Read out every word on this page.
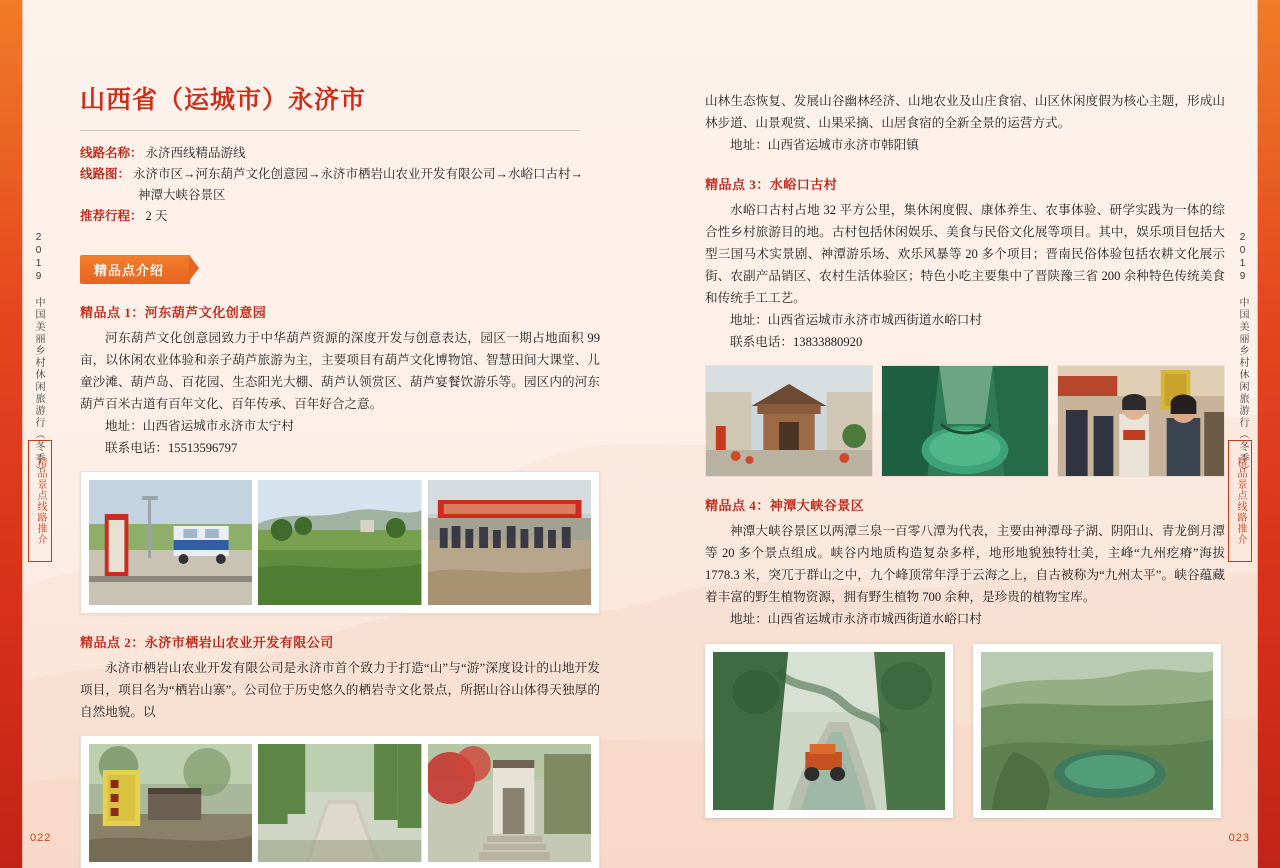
2019 中国美丽乡村休闲旅游行（冬季）	2019 中国美丽乡村休闲旅游行（冬季）
精品景点线路推介	精品景点线路推介
022	023
山西省（运城市）永济市
线路名称： 永济西线精品游线
线路图： 永济市区→河东葫芦文化创意园→永济市栖岩山农业开发有限公司→水峪口古村→
神潭大峡谷景区
推荐行程： 2 天
精品点介绍
精品点 1：河东葫芦文化创意园
河东葫芦文化创意园致力于中华葫芦资源的深度开发与创意表达，园区一期占地面积 99 亩，以休闲农业体验和亲子葫芦旅游为主，主要项目有葫芦文化博物馆、智慧田间大课堂、儿童沙滩、葫芦岛、百花园、生态阳光大棚、葫芦认领赏区、葫芦宴餐饮游乐等。园区内的河东葫芦百米古道有百年文化、百年传承、百年好合之意。
地址：山西省运城市永济市太宁村
联系电话：15513596797
精品点 2：永济市栖岩山农业开发有限公司
永济市栖岩山农业开发有限公司是永济市首个致力于打造“山”与“游”深度设计的山地开发项目，项目名为“栖岩山寨”。公司位于历史悠久的栖岩寺文化景点，所据山谷山体得天独厚的自然地貌。以
山林生态恢复、发展山谷幽林经济、山地农业及山庄食宿、山区休闲度假为核心主题，形成山林步道、山景观赏、山果采摘、山居食宿的全新全景的运营方式。
地址：山西省运城市永济市韩阳镇
精品点 3：水峪口古村
水峪口古村占地 32 平方公里，集休闲度假、康体养生、农事体验、研学实践为一体的综合性乡村旅游目的地。古村包括休闲娱乐、美食与民俗文化展等项目。其中，娱乐项目包括大型三国马术实景剧、神潭游乐场、欢乐风暴等 20 多个项目；晋南民俗体验包括农耕文化展示街、农副产品销区、农村生活体验区；特色小吃主要集中了晋陕豫三省 200 余种特色传统美食和传统手工工艺。
地址：山西省运城市永济市城西街道水峪口村
联系电话：13833880920
精品点 4：神潭大峡谷景区
神潭大峡谷景区以两潭三泉一百零八潭为代表，主要由神潭母子湖、阴阳山、青龙倒月潭等 20 多个景点组成。峡谷内地质构造复杂多样，地形地貌独特壮美，主峰“九州疙瘠”海拔 1778.3 米，突兀于群山之中，九个峰顶常年浮于云海之上，自古被称为“九州太平”。峡谷蕴藏着丰富的野生植物资源，拥有野生植物 700 余种，是珍贵的植物宝库。
地址：山西省运城市永济市城西街道水峪口村
